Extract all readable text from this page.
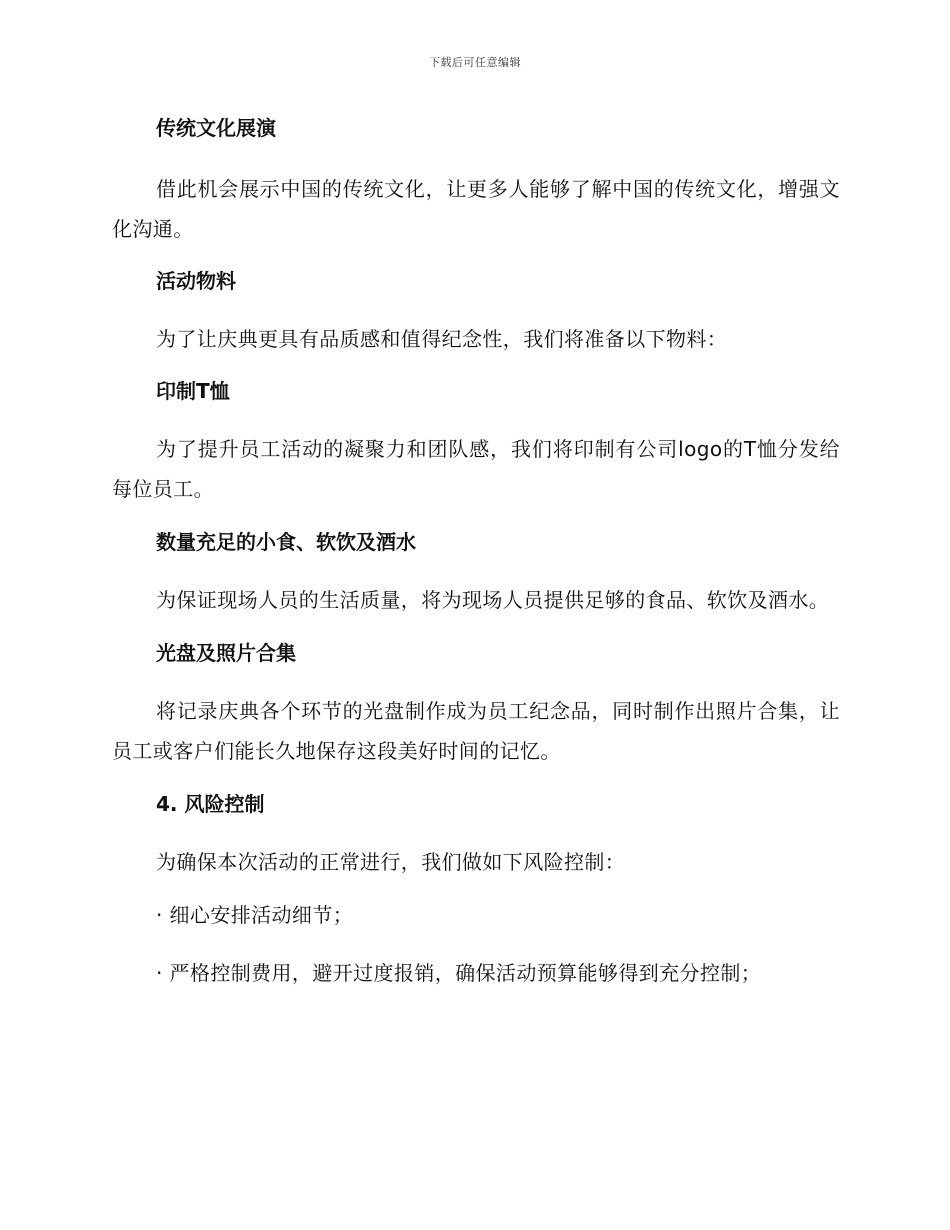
下载后可任意编辑

传统文化展演

借此机会展示中国的传统文化，让更多人能够了解中国的传统文化，增强文化沟通。

活动物料

为了让庆典更具有品质感和值得纪念性，我们将准备以下物料：

印制T恤

为了提升员工活动的凝聚力和团队感，我们将印制有公司logo的T恤分发给每位员工。

数量充足的小食、软饮及酒水

为保证现场人员的生活质量，将为现场人员提供足够的食品、软饮及酒水。

光盘及照片合集

将记录庆典各个环节的光盘制作成为员工纪念品，同时制作出照片合集，让员工或客户们能长久地保存这段美好时间的记忆。

4. 风险控制

为确保本次活动的正常进行，我们做如下风险控制：

· 细心安排活动细节；

· 严格控制费用，避开过度报销，确保活动预算能够得到充分控制；
